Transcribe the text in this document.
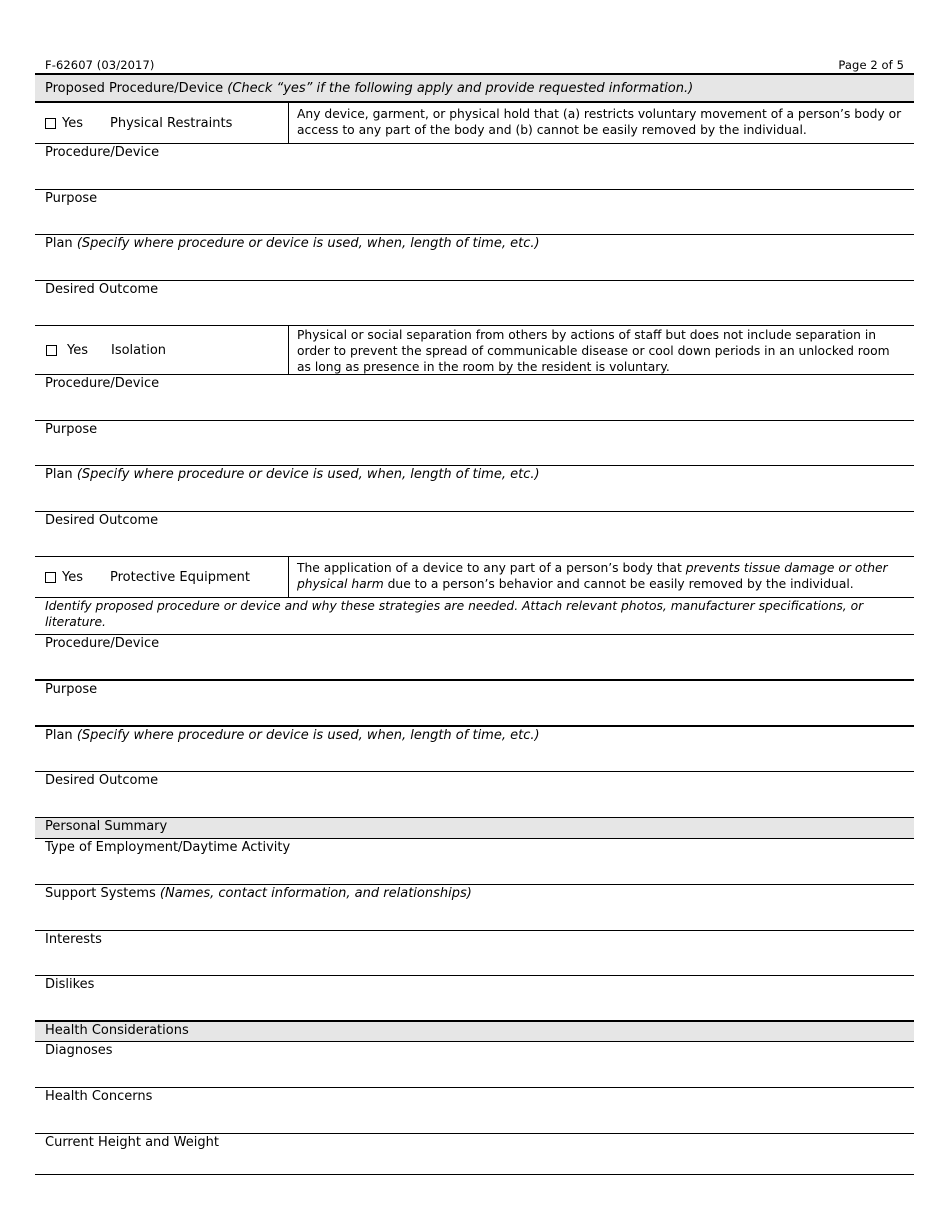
F-62607 (03/2017)	Page 2 of 5
Proposed Procedure/Device (Check “yes” if the following apply and provide requested information.)
Yes Physical Restraints
Any device, garment, or physical hold that (a) restricts voluntary movement of a person’s body or access to any part of the body and (b) cannot be easily removed by the individual.
Procedure/Device
Purpose
Plan (Specify where procedure or device is used, when, length of time, etc.)
Desired Outcome
Yes Isolation
Physical or social separation from others by actions of staff but does not include separation in order to prevent the spread of communicable disease or cool down periods in an unlocked room as long as presence in the room by the resident is voluntary.
Procedure/Device
Purpose
Plan (Specify where procedure or device is used, when, length of time, etc.)
Desired Outcome
Yes Protective Equipment
The application of a device to any part of a person’s body that prevents tissue damage or other physical harm due to a person’s behavior and cannot be easily removed by the individual.
Identify proposed procedure or device and why these strategies are needed. Attach relevant photos, manufacturer specifications, or literature.
Procedure/Device
Purpose
Plan (Specify where procedure or device is used, when, length of time, etc.)
Desired Outcome
Personal Summary
Type of Employment/Daytime Activity
Support Systems (Names, contact information, and relationships)
Interests
Dislikes
Health Considerations
Diagnoses
Health Concerns
Current Height and Weight
